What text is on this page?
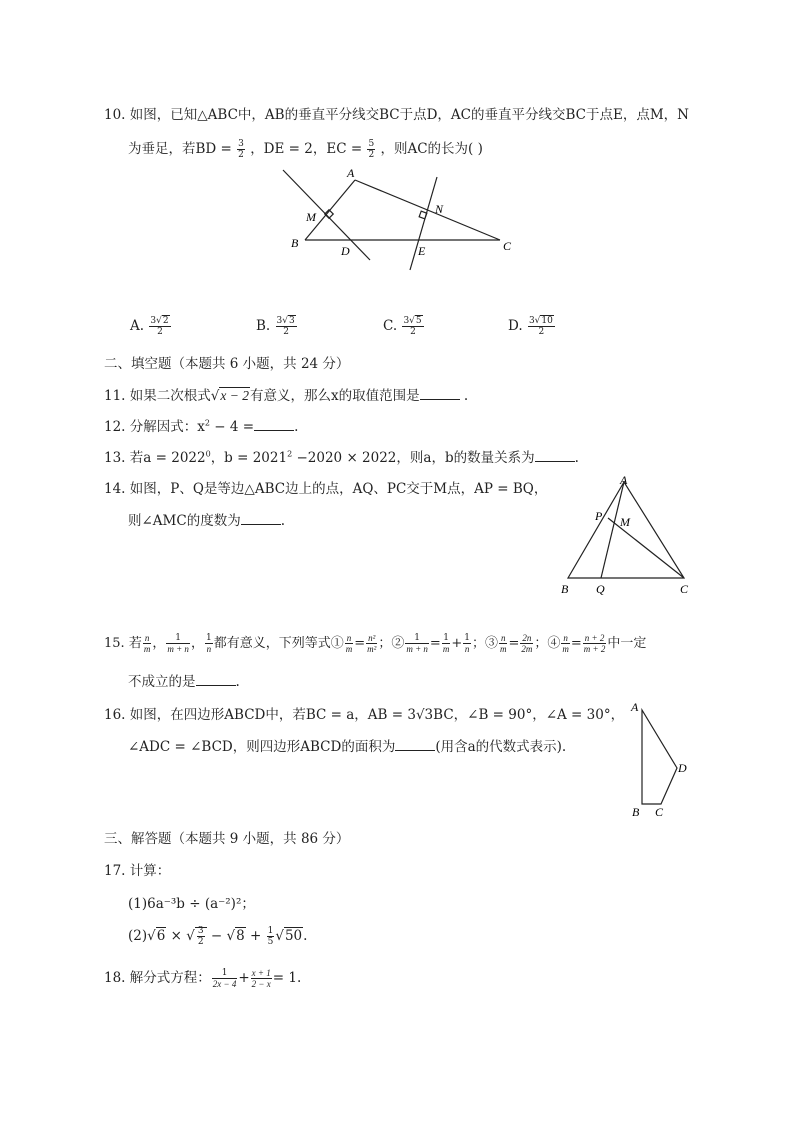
10. 如图，已知△ABC中，AB的垂直平分线交BC于点D，AC的垂直平分线交BC于点E，点M，N
为垂足，若BD = $\frac{3}{2}$ ，DE = 2，EC = $\frac{5}{2}$ ，则AC的长为( )
A
B	C
D	E
M
N
A. $\frac{3√2}{2}$	B. $\frac{3√3}{2}$	C. $\frac{3√5}{2}$	D. $\frac{3√10}{2}$
二、填空题（本题共 6 小题，共 24 分）
11. 如果二次根式√x − 2有意义，那么x的取值范围是	.
12. 分解因式：$x^2 - 4$ =	.
13. 若$a = 2022^0$，$b = 2021^2 -2020 \times 2022$，则a，b的数量关系为	.
14. 如图，P、Q是等边△ABC边上的点，AQ、PC交于M点，AP = BQ，
则∠AMC的度数为	.
A
B	C
P
Q
M
15. 若 $\frac{n}{m}$ ， $\frac{1}{m + n}$ ， $\frac{1}{n}$ 都有意义，下列等式① $\frac{n}{m} = \frac{\text{n²}}{\text{m²}}$ ；② $\frac{1}{m + n} = \frac{1}{m} + \frac{1}{n}$ ；③ $\frac{n}{m} = \frac{2n}{2m}$ ；④ $\frac{n}{m} = \frac{n + 2}{m + 2}$ 中一定
不成立的是	.
16. 如图，在四边形ABCD中，若BC = a，AB = 3√3BC，∠B = 90°，∠A = 30°，
∠ADC = ∠BCD，则四边形ABCD的面积为	(用含a的代数式表示).
A
B C
D
三、解答题（本题共 9 小题，共 86 分）
17. 计算：
(1)6a⁻³b ÷ (a⁻²)²；
(2)√6 × √ $\frac{3}{2} - √8 + \frac{1}{5} √50$.
18. 解分式方程： $\frac{1}{2x - 4} + \frac{x + 1}{2 - x} = 1$.
